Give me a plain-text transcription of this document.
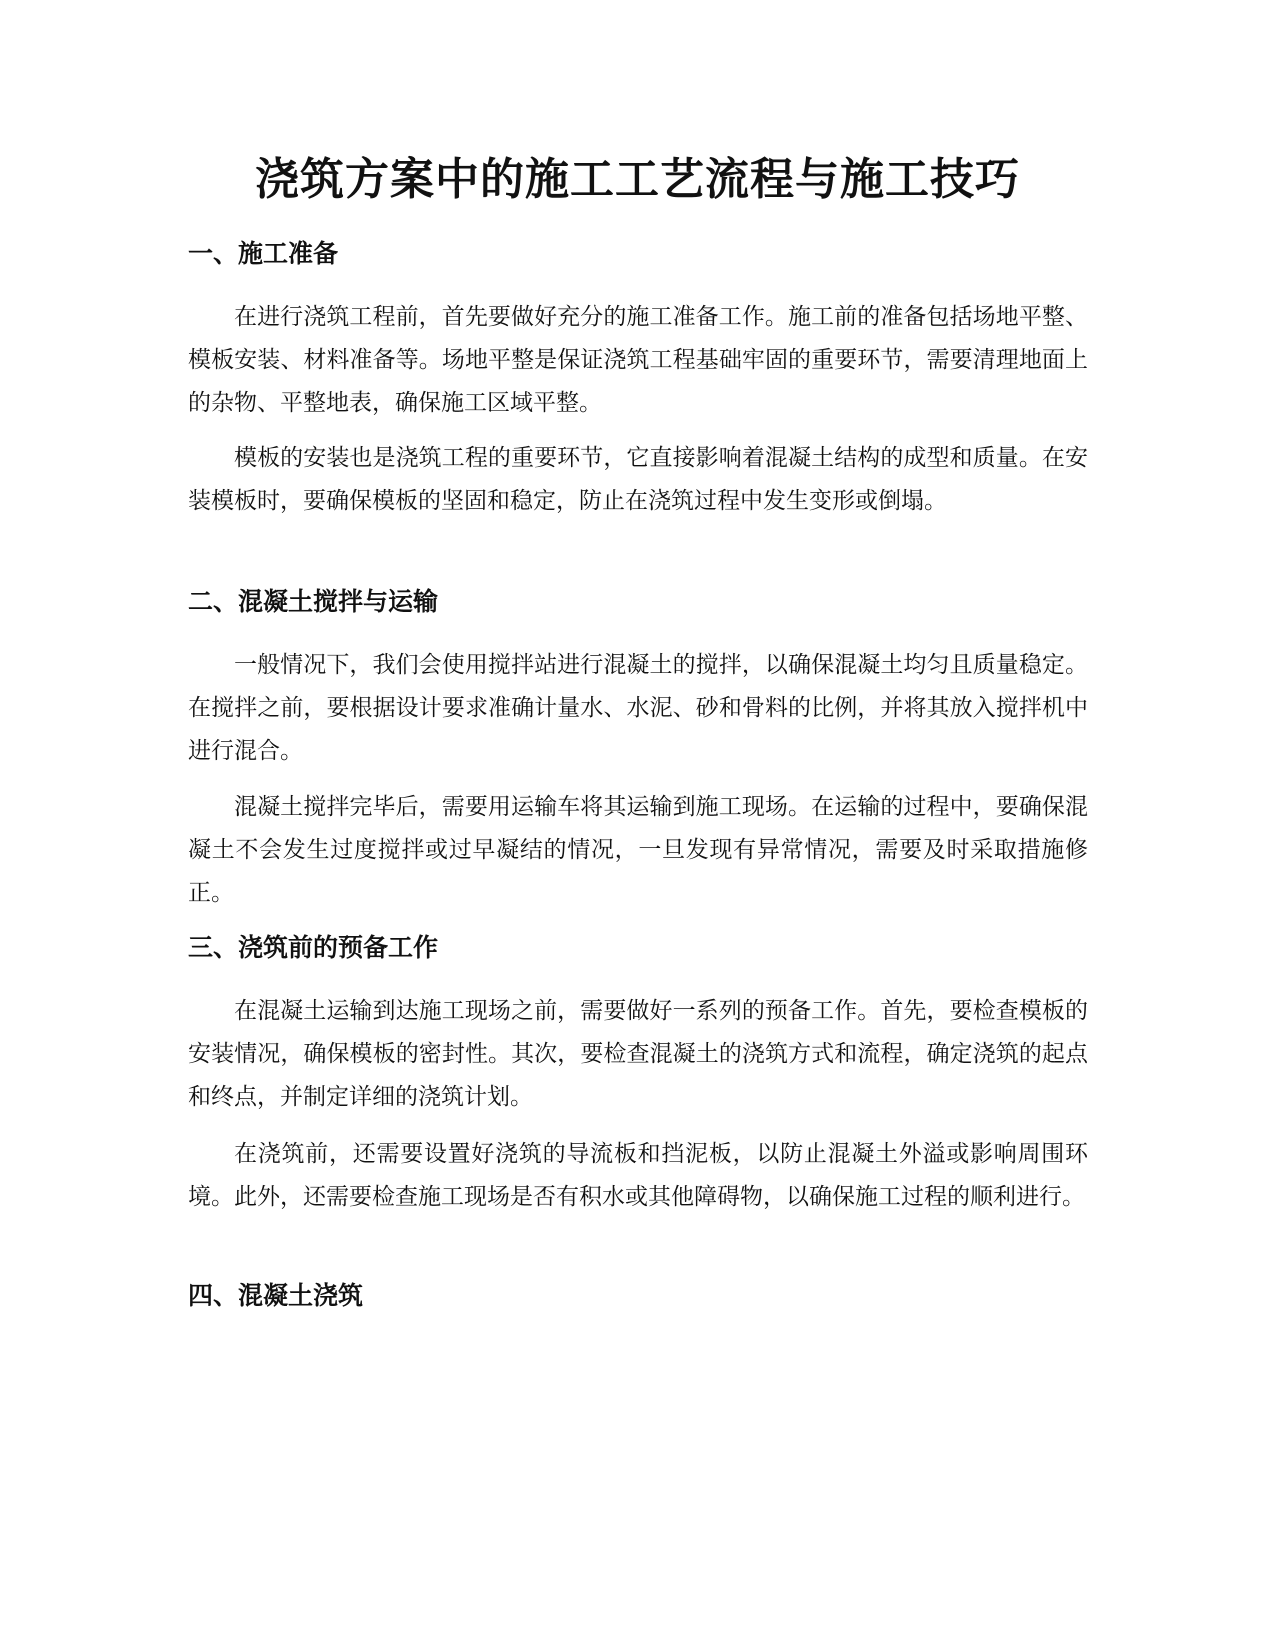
浇筑方案中的施工工艺流程与施工技巧
一、施工准备

在进行浇筑工程前，首先要做好充分的施工准备工作。施工前的准备包括场地平整、模板安装、材料准备等。场地平整是保证浇筑工程基础牢固的重要环节，需要清理地面上的杂物、平整地表，确保施工区域平整。

模板的安装也是浇筑工程的重要环节，它直接影响着混凝土结构的成型和质量。在安装模板时，要确保模板的坚固和稳定，防止在浇筑过程中发生变形或倒塌。

二、混凝土搅拌与运输

一般情况下，我们会使用搅拌站进行混凝土的搅拌，以确保混凝土均匀且质量稳定。在搅拌之前，要根据设计要求准确计量水、水泥、砂和骨料的比例，并将其放入搅拌机中进行混合。

混凝土搅拌完毕后，需要用运输车将其运输到施工现场。在运输的过程中，要确保混凝土不会发生过度搅拌或过早凝结的情况，一旦发现有异常情况，需要及时采取措施修正。

三、浇筑前的预备工作

在混凝土运输到达施工现场之前，需要做好一系列的预备工作。首先，要检查模板的安装情况，确保模板的密封性。其次，要检查混凝土的浇筑方式和流程，确定浇筑的起点和终点，并制定详细的浇筑计划。

在浇筑前，还需要设置好浇筑的导流板和挡泥板，以防止混凝土外溢或影响周围环境。此外，还需要检查施工现场是否有积水或其他障碍物，以确保施工过程的顺利进行。

四、混凝土浇筑
